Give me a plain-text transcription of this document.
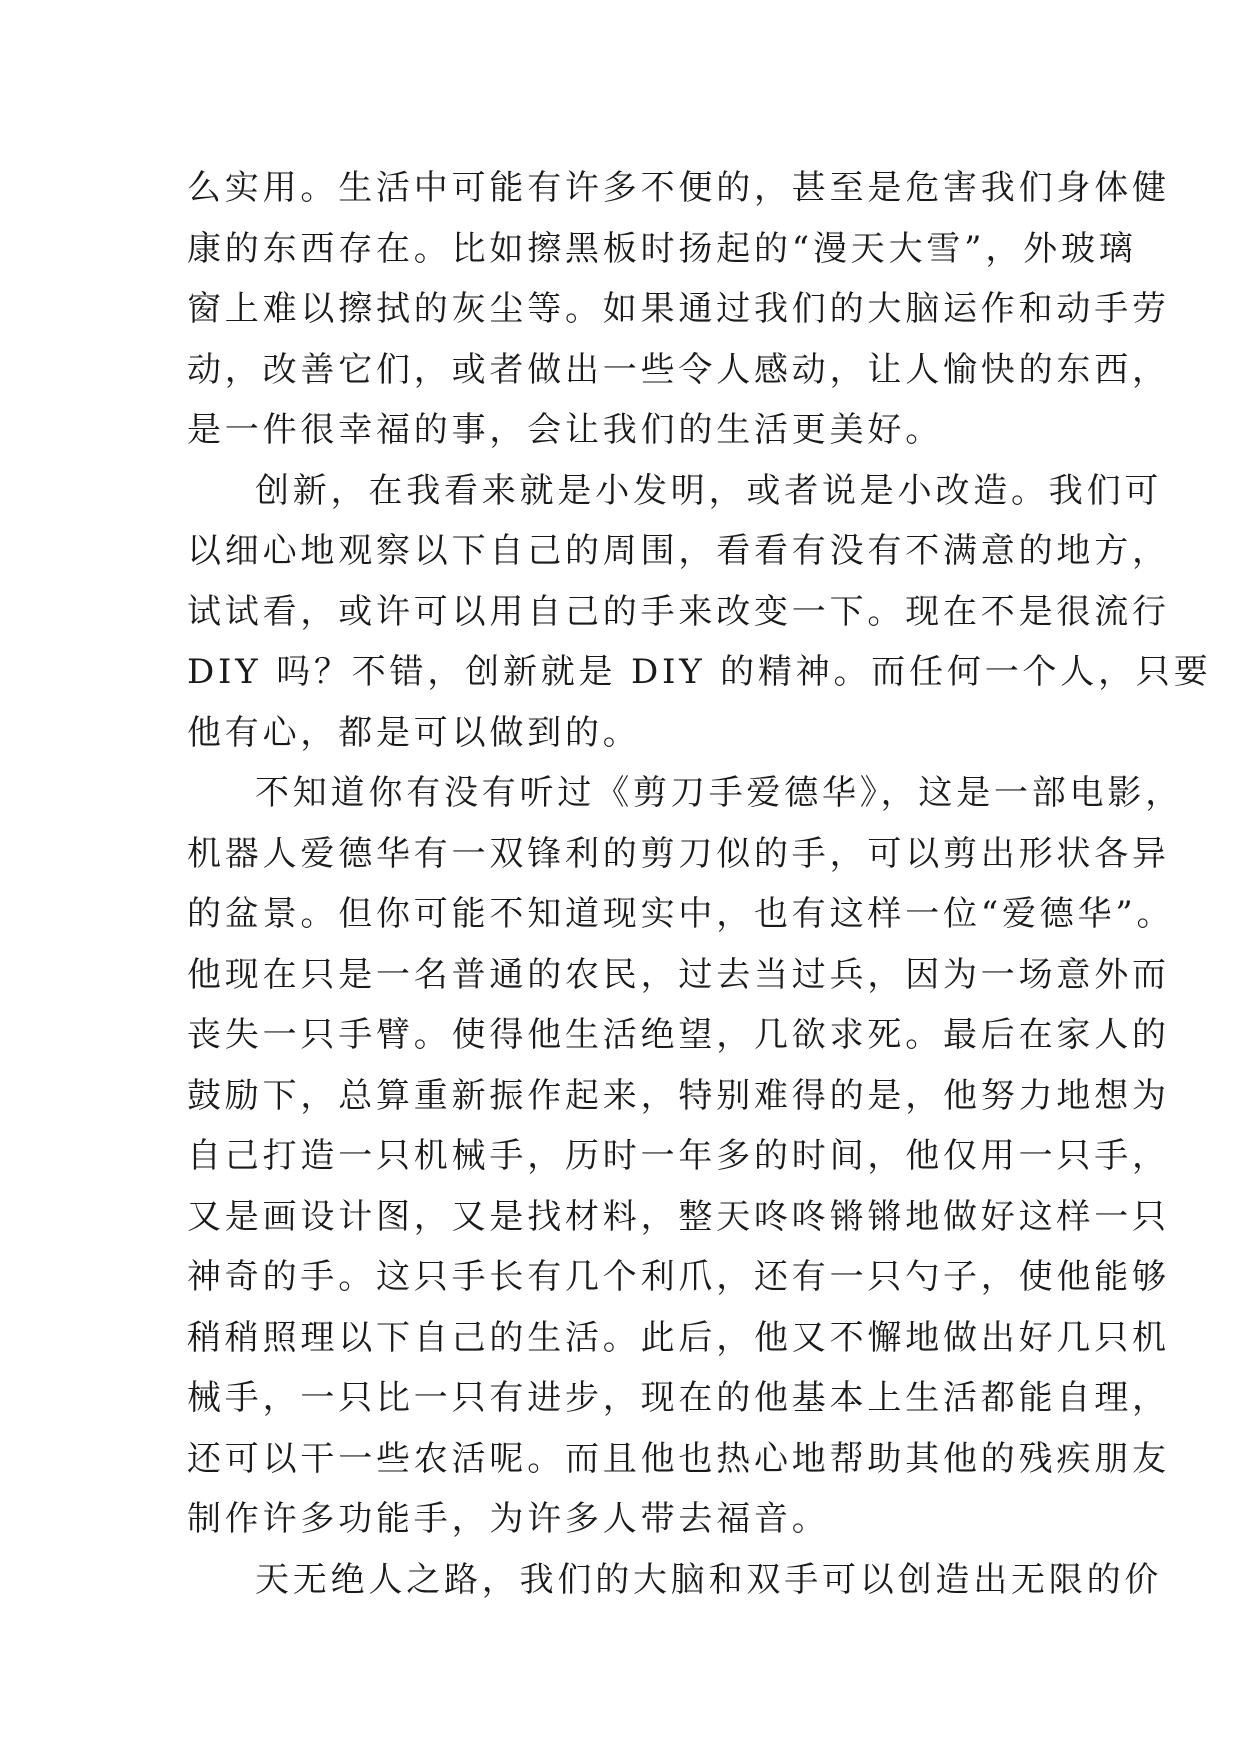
么实用。生活中可能有许多不便的，甚至是危害我们身体健
康的东西存在。比如擦黑板时扬起的“漫天大雪”，外玻璃
窗上难以擦拭的灰尘等。如果通过我们的大脑运作和动手劳
动，改善它们，或者做出一些令人感动，让人愉快的东西，
是一件很幸福的事，会让我们的生活更美好。
创新，在我看来就是小发明，或者说是小改造。我们可
以细心地观察以下自己的周围，看看有没有不满意的地方，
试试看，或许可以用自己的手来改变一下。现在不是很流行
DIY 吗？不错，创新就是 DIY 的精神。而任何一个人，只要
他有心，都是可以做到的。
不知道你有没有听过《剪刀手爱德华》，这是一部电影，
机器人爱德华有一双锋利的剪刀似的手，可以剪出形状各异
的盆景。但你可能不知道现实中，也有这样一位“爱德华”。
他现在只是一名普通的农民，过去当过兵，因为一场意外而
丧失一只手臂。使得他生活绝望，几欲求死。最后在家人的
鼓励下，总算重新振作起来，特别难得的是，他努力地想为
自己打造一只机械手，历时一年多的时间，他仅用一只手，
又是画设计图，又是找材料，整天咚咚锵锵地做好这样一只
神奇的手。这只手长有几个利爪，还有一只勺子，使他能够
稍稍照理以下自己的生活。此后，他又不懈地做出好几只机
械手，一只比一只有进步，现在的他基本上生活都能自理，
还可以干一些农活呢。而且他也热心地帮助其他的残疾朋友
制作许多功能手，为许多人带去福音。
天无绝人之路，我们的大脑和双手可以创造出无限的价
